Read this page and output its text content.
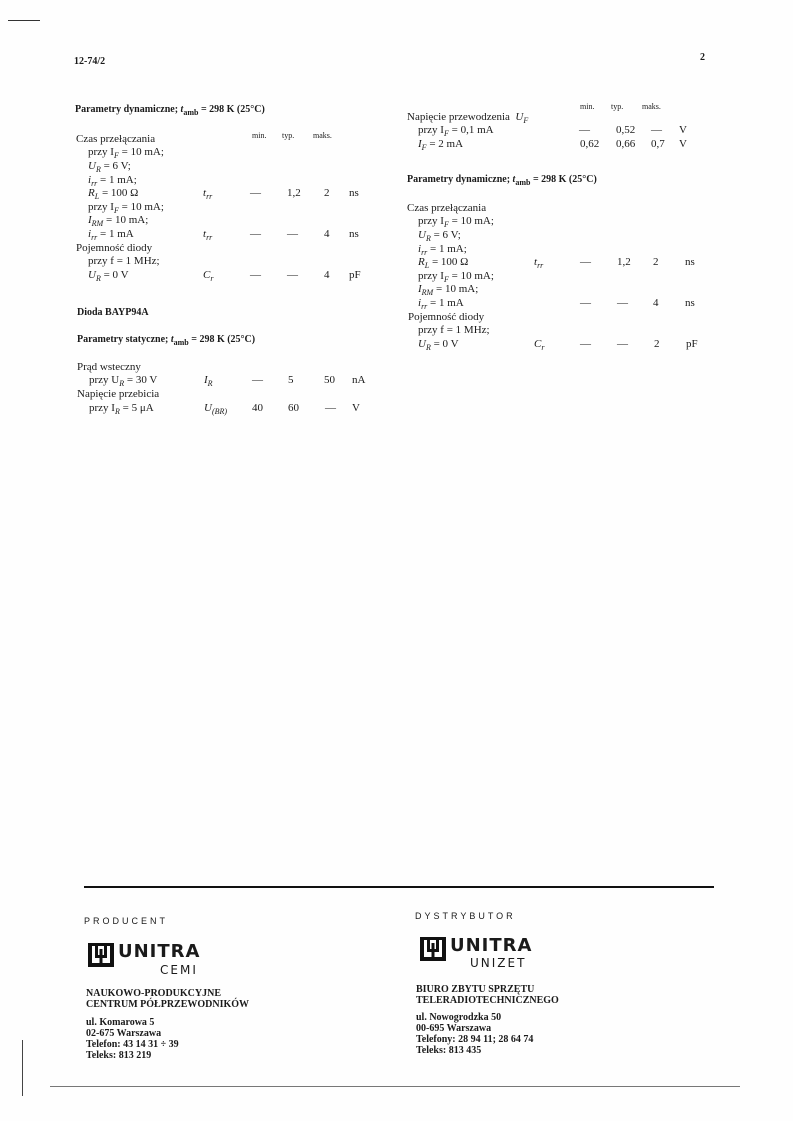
12-74/2	2
Parametry dynamiczne; $t_{amb} = 298$ K (25°C)
min. typ. maks.
Czas przełączania
przy $I_F = 10$ mA;
$U_R = 6$ V;
$i_{rr} = 1$ mA;
$R_L = 100$ Ω	$t_{rr}$	— 1,2 2 ns
przy $I_F = 10$ mA;
$I_{RM} = 10$ mA;
$i_{rr} = 1$ mA	$t_{rr}$	— — 4 ns
Pojemność diody
przy f = 1 MHz;
$U_R = 0$ V	$C_r$	— — 4 pF
Dioda BAYP94A
Parametry statyczne; $t_{amb} = 298$ K (25°C)
Prąd wsteczny
przy $U_R = 30$ V	$I_R$	— 5	50 nA
Napięcie przebicia
przy $I_R = 5$ μA	$U_{(BR)}$ 40 60 — V
min. typ. maks.
Napięcie przewodzenia $U_F$
przy $I_F = 0,1$ mA	— 0,52 — V
$I_F = 2$ mA	0,62 0,66 0,7 V
Parametry dynamiczne; $t_{amb} = 298$ K (25°C)
Czas przełączania
przy $I_F = 10$ mA;
$U_R = 6$ V;
$i_{rr} = 1$ mA;
$R_L = 100$ Ω	$t_{rr}$	— 1,2 2 ns
przy $I_F = 10$ mA;
$I_{RM} = 10$ mA;
$i_{rr} = 1$ mA	— — 4 ns
Pojemność diody
przy f = 1 MHz;
$U_R = 0$ V	$C_r$	— — 2 pF
PRODUCENT	DYSTRYBUTOR
UNITRA
CEMI
UNITRA
UNIZET
NAUKOWO-PRODUKCYJNE
CENTRUM PÓŁPRZEWODNIKÓW
ul. Komarowa 5
02-675 Warszawa
Telefon: 43 14 31 ÷ 39
Teleks: 813 219
BIURO ZBYTU SPRZĘTU
TELERADIOTECHNICZNEGO
ul. Nowogrodzka 50
00-695 Warszawa
Telefony: 28 94 11; 28 64 74
Teleks: 813 435
